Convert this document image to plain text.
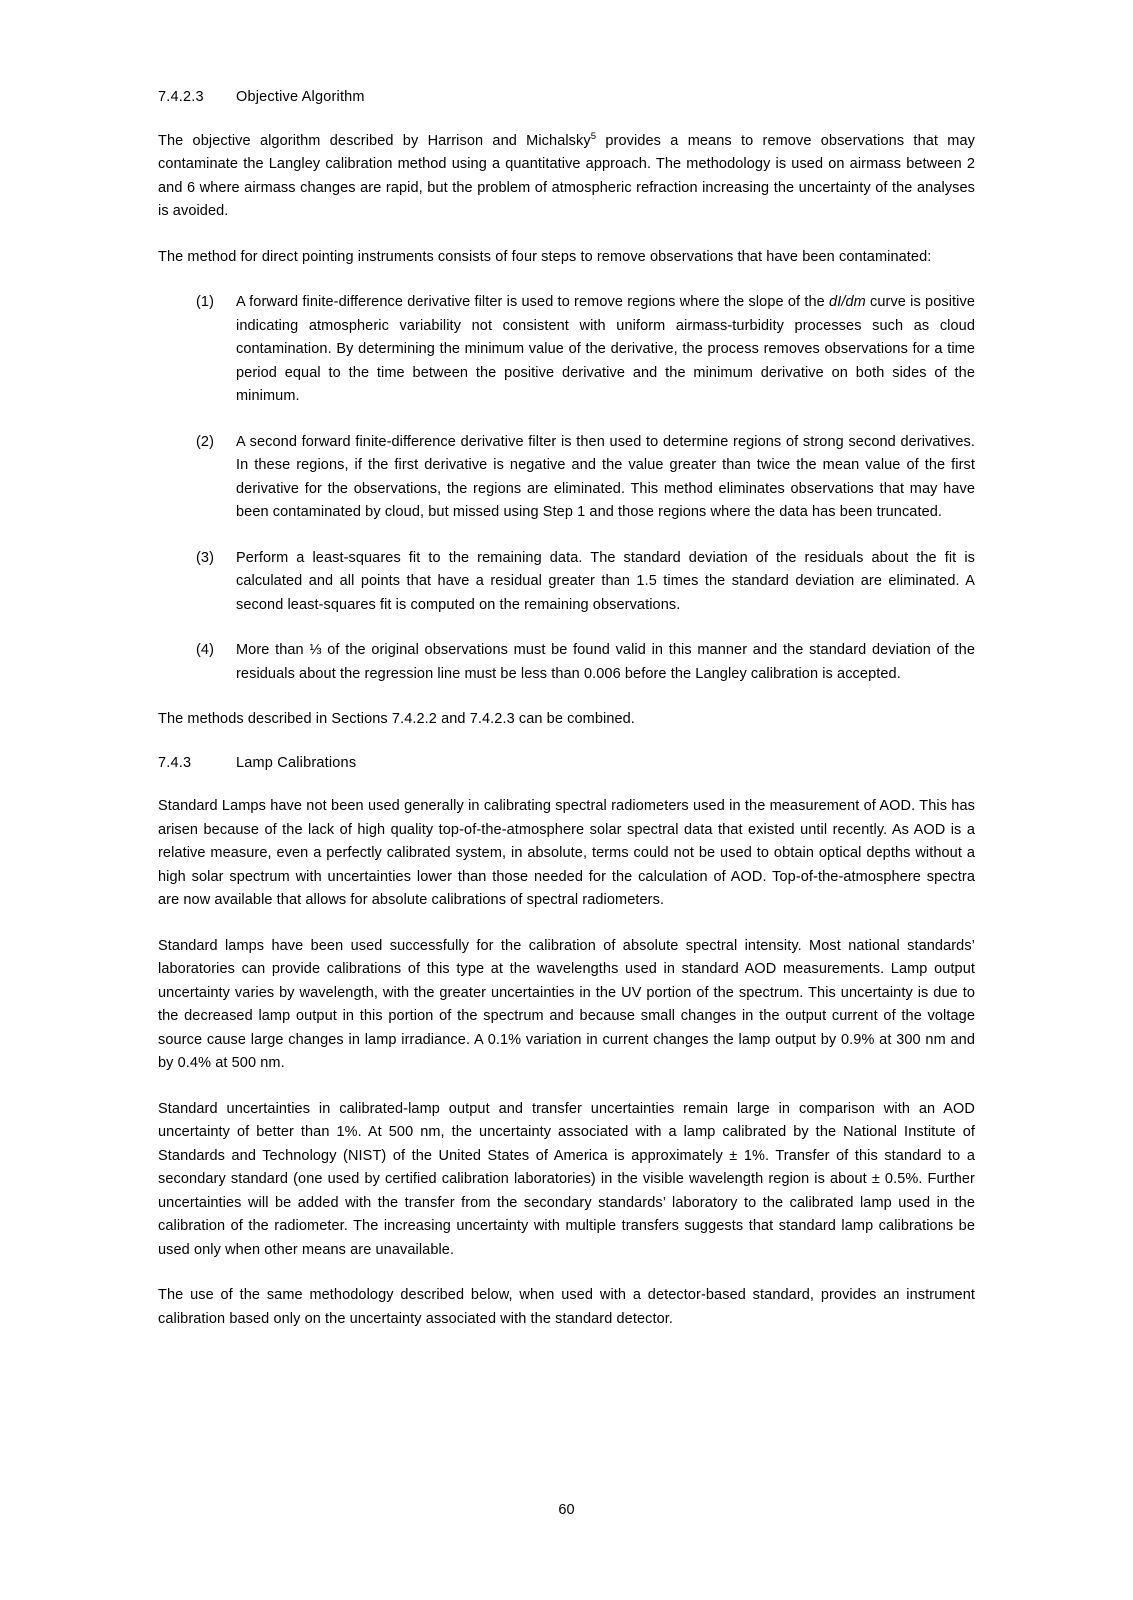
7.4.2.3 Objective Algorithm

The objective algorithm described by Harrison and Michalsky$^5$ provides a means to remove observations that may contaminate the Langley calibration method using a quantitative approach. The methodology is used on airmass between 2 and 6 where airmass changes are rapid, but the problem of atmospheric refraction increasing the uncertainty of the analyses is avoided.

The method for direct pointing instruments consists of four steps to remove observations that have been contaminated:

(1)	A forward finite-difference derivative filter is used to remove regions where the slope of the dI/dm curve is positive indicating atmospheric variability not consistent with uniform airmass-turbidity processes such as cloud contamination. By determining the minimum value of the derivative, the process removes observations for a time period equal to the time between the positive derivative and the minimum derivative on both sides of the minimum.
(2)	A second forward finite-difference derivative filter is then used to determine regions of strong second derivatives. In these regions, if the first derivative is negative and the value greater than twice the mean value of the first derivative for the observations, the regions are eliminated. This method eliminates observations that may have been contaminated by cloud, but missed using Step 1 and those regions where the data has been truncated.
(3)	Perform a least-squares fit to the remaining data. The standard deviation of the residuals about the fit is calculated and all points that have a residual greater than 1.5 times the standard deviation are eliminated. A second least-squares fit is computed on the remaining observations.
(4)	More than ⅓ of the original observations must be found valid in this manner and the standard deviation of the residuals about the regression line must be less than 0.006 before the Langley calibration is accepted.

The methods described in Sections 7.4.2.2 and 7.4.2.3 can be combined.

7.4.3	Lamp Calibrations

Standard Lamps have not been used generally in calibrating spectral radiometers used in the measurement of AOD. This has arisen because of the lack of high quality top-of-the-atmosphere solar spectral data that existed until recently. As AOD is a relative measure, even a perfectly calibrated system, in absolute, terms could not be used to obtain optical depths without a high solar spectrum with uncertainties lower than those needed for the calculation of AOD. Top-of-the-atmosphere spectra are now available that allows for absolute calibrations of spectral radiometers.

Standard lamps have been used successfully for the calibration of absolute spectral intensity. Most national standards’ laboratories can provide calibrations of this type at the wavelengths used in standard AOD measurements. Lamp output uncertainty varies by wavelength, with the greater uncertainties in the UV portion of the spectrum. This uncertainty is due to the decreased lamp output in this portion of the spectrum and because small changes in the output current of the voltage source cause large changes in lamp irradiance. A 0.1% variation in current changes the lamp output by 0.9% at 300 nm and by 0.4% at 500 nm.

Standard uncertainties in calibrated-lamp output and transfer uncertainties remain large in comparison with an AOD uncertainty of better than 1%. At 500 nm, the uncertainty associated with a lamp calibrated by the National Institute of Standards and Technology (NIST) of the United States of America is approximately ± 1%. Transfer of this standard to a secondary standard (one used by certified calibration laboratories) in the visible wavelength region is about ± 0.5%. Further uncertainties will be added with the transfer from the secondary standards’ laboratory to the calibrated lamp used in the calibration of the radiometer. The increasing uncertainty with multiple transfers suggests that standard lamp calibrations be used only when other means are unavailable.

The use of the same methodology described below, when used with a detector-based standard, provides an instrument calibration based only on the uncertainty associated with the standard detector.

60
